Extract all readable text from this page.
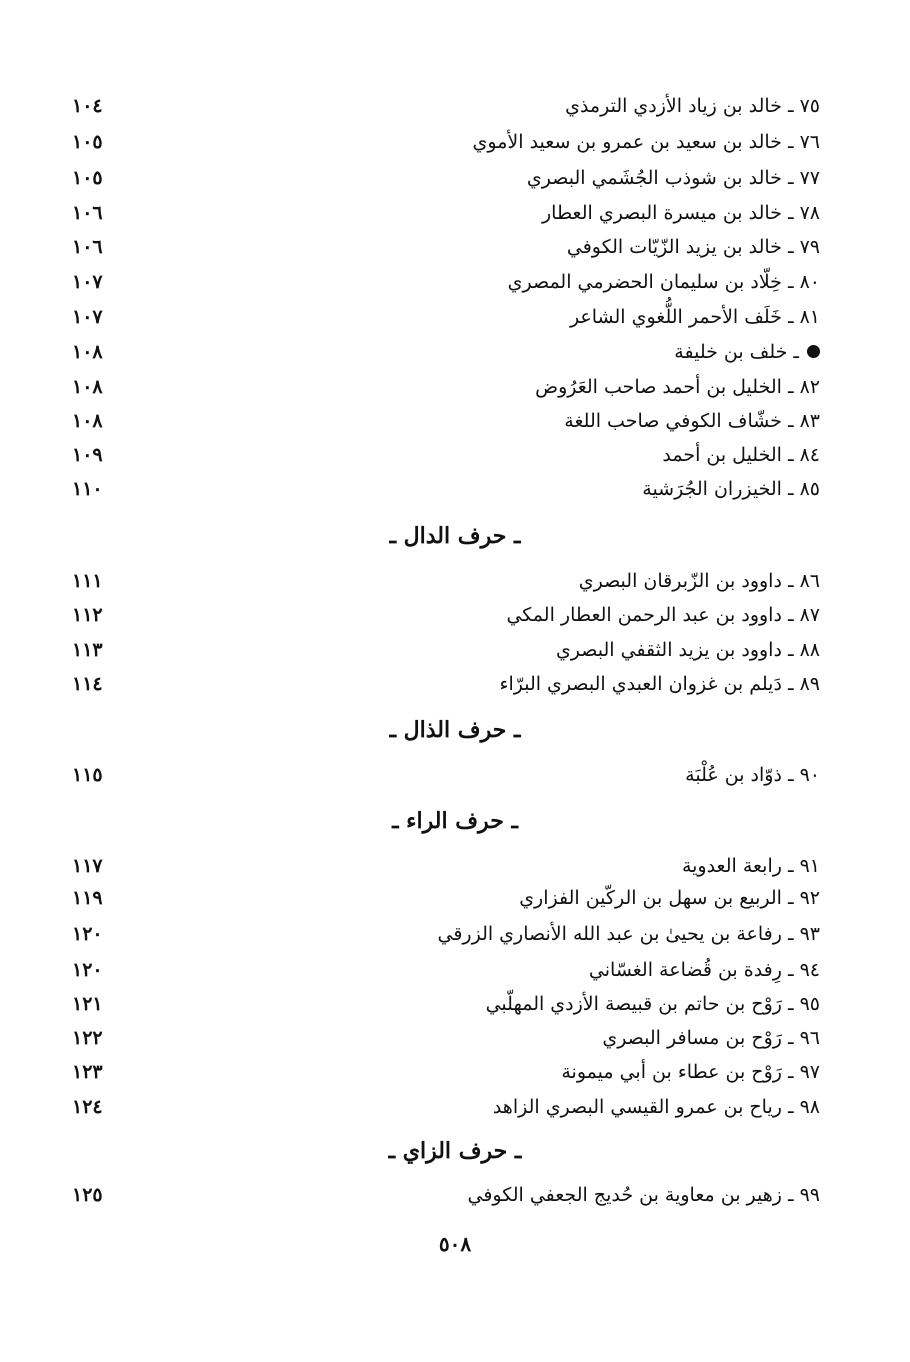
٧٥ ـ خالد بن زياد الأزدي الترمذي
١٠٤
٧٦ ـ خالد بن سعيد بن عمرو بن سعيد الأموي
١٠٥
٧٧ ـ خالد بن شوذب الجُشَمي البصري
١٠٥
٧٨ ـ خالد بن ميسرة البصري العطار
١٠٦
٧٩ ـ خالد بن يزيد الزّيّات الكوفي
١٠٦
٨٠ ـ خِلّاد بن سليمان الحضرمي المصري
١٠٧
٨١ ـ خَلَف الأحمر اللُّغوي الشاعر
١٠٧
ـ خلف بن خليفة
١٠٨
٨٢ ـ الخليل بن أحمد صاحب العَرُوض
١٠٨
٨٣ ـ خشّاف الكوفي صاحب اللغة
١٠٨
٨٤ ـ الخليل بن أحمد
١٠٩
٨٥ ـ الخيزران الجُرَشية
١١٠
٨٦ ـ داوود بن الزّبرقان البصري
١١١
٨٧ ـ داوود بن عبد الرحمن العطار المكي
١١٢
٨٨ ـ داوود بن يزيد الثقفي البصري
١١٣
٨٩ ـ دَيلم بن غزوان العبدي البصري البرّاء
١١٤
٩٠ ـ ذوّاد بن عُلْبَة
١١٥
٩١ ـ رابعة العدوية
١١٧
٩٢ ـ الربيع بن سهل بن الركّين الفزاري
١١٩
٩٣ ـ رفاعة بن يحيىٰ بن عبد الله الأنصاري الزرقي
١٢٠
٩٤ ـ رِفدة بن قُضاعة الغسّاني
١٢٠
٩٥ ـ رَوْح بن حاتم بن قبيصة الأزدي المهلّبي
١٢١
٩٦ ـ رَوْح بن مسافر البصري
١٢٢
٩٧ ـ رَوْح بن عطاء بن أبي ميمونة
١٢٣
٩٨ ـ رياح بن عمرو القيسي البصري الزاهد
١٢٤
٩٩ ـ زهير بن معاوية بن حُديج الجعفي الكوفي
١٢٥
ـ حرف الدال ـ
ـ حرف الذال ـ
ـ حرف الراء ـ
ـ حرف الزاي ـ
٥٠٨
